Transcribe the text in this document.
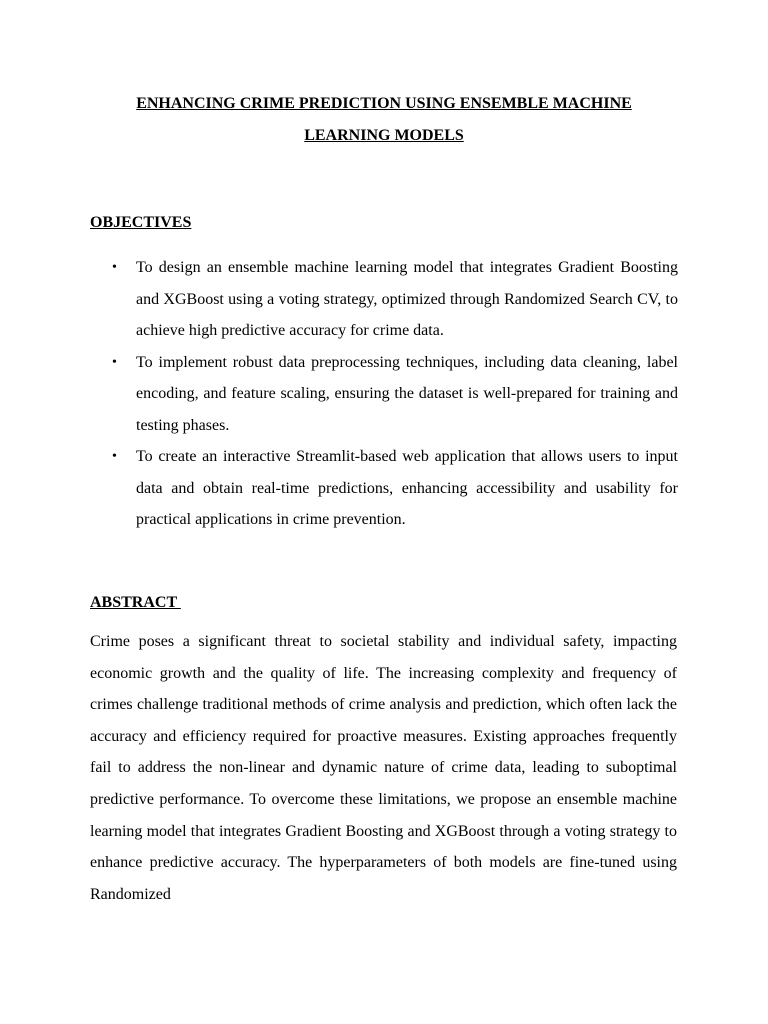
ENHANCING CRIME PREDICTION USING ENSEMBLE MACHINE
LEARNING MODELS
OBJECTIVES
• To design an ensemble machine learning model that integrates Gradient Boosting and XGBoost using a voting strategy, optimized through Randomized Search CV, to achieve high predictive accuracy for crime data.
• To implement robust data preprocessing techniques, including data cleaning, label encoding, and feature scaling, ensuring the dataset is well-prepared for training and testing phases.
• To create an interactive Streamlit-based web application that allows users to input data and obtain real-time predictions, enhancing accessibility and usability for practical applications in crime prevention.
ABSTRACT

Crime poses a significant threat to societal stability and individual safety, impacting economic growth and the quality of life. The increasing complexity and frequency of crimes challenge traditional methods of crime analysis and prediction, which often lack the accuracy and efficiency required for proactive measures. Existing approaches frequently fail to address the non-linear and dynamic nature of crime data, leading to suboptimal predictive performance. To overcome these limitations, we propose an ensemble machine learning model that integrates Gradient Boosting and XGBoost through a voting strategy to enhance predictive accuracy. The hyperparameters of both models are fine-tuned using Randomized
